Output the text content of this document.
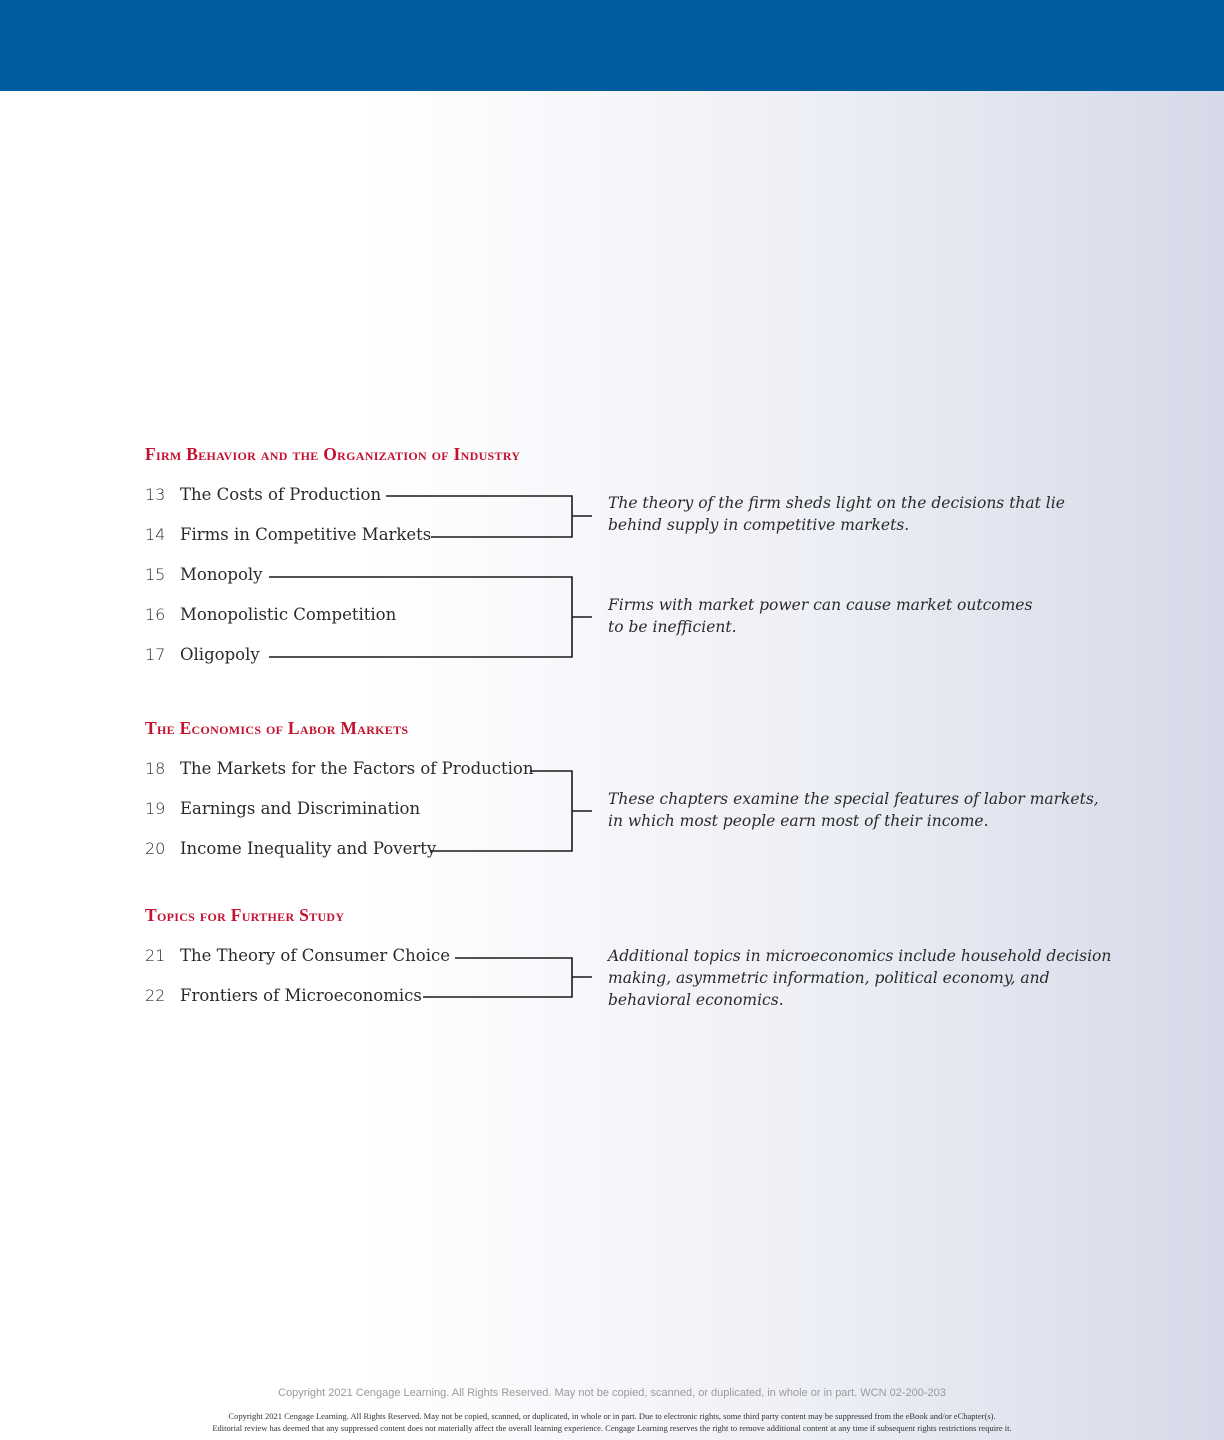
Firm Behavior and the Organization of Industry
13 The Costs of Production
14 Firms in Competitive Markets
15 Monopoly
16 Monopolistic Competition
17 Oligopoly
The theory of the firm sheds light on the decisions that lie
behind supply in competitive markets.
Firms with market power can cause market outcomes
to be inefficient.
The Economics of Labor Markets
18 The Markets for the Factors of Production
19 Earnings and Discrimination
20 Income Inequality and Poverty
These chapters examine the special features of labor markets,
in which most people earn most of their income.
Topics for Further Study
21 The Theory of Consumer Choice
22 Frontiers of Microeconomics
Additional topics in microeconomics include household decision
making, asymmetric information, political economy, and
behavioral economics.
Copyright 2021 Cengage Learning. All Rights Reserved. May not be copied, scanned, or duplicated, in whole or in part. WCN 02-200-203
Copyright 2021 Cengage Learning. All Rights Reserved. May not be copied, scanned, or duplicated, in whole or in part. Due to electronic rights, some third party content may be suppressed from the eBook and/or eChapter(s).
Editorial review has deemed that any suppressed content does not materially affect the overall learning experience. Cengage Learning reserves the right to remove additional content at any time if subsequent rights restrictions require it.
